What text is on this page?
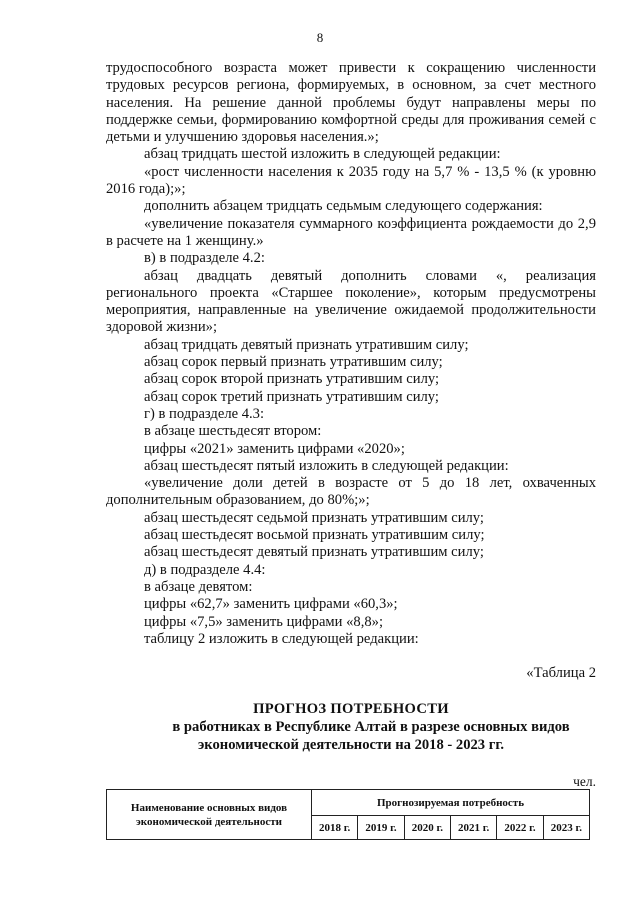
8

трудоспособного возраста может привести к сокращению численности трудовых ресурсов региона, формируемых, в основном, за счет местного населения. На решение данной проблемы будут направлены меры по поддержке семьи, формированию комфортной среды для проживания семей с детьми и улучшению здоровья населения.»;

абзац тридцать шестой изложить в следующей редакции:

«рост численности населения к 2035 году на 5,7 % - 13,5 % (к уровню 2016 года);»;

дополнить абзацем тридцать седьмым следующего содержания:

«увеличение показателя суммарного коэффициента рождаемости до 2,9 в расчете на 1 женщину.»

в) в подразделе 4.2:

абзац двадцать девятый дополнить словами «, реализация регионального проекта «Старшее поколение», которым предусмотрены мероприятия, направленные на увеличение ожидаемой продолжительности здоровой жизни»;

абзац тридцать девятый признать утратившим силу;

абзац сорок первый признать утратившим силу;

абзац сорок второй признать утратившим силу;

абзац сорок третий признать утратившим силу;

г) в подразделе 4.3:

в абзаце шестьдесят втором:

цифры «2021» заменить цифрами «2020»;

абзац шестьдесят пятый изложить в следующей редакции:

«увеличение доли детей в возрасте от 5 до 18 лет, охваченных дополнительным образованием, до 80%;»;

абзац шестьдесят седьмой признать утратившим силу;

абзац шестьдесят восьмой признать утратившим силу;

абзац шестьдесят девятый признать утратившим силу;

д) в подразделе 4.4:

в абзаце девятом:

цифры «62,7» заменить цифрами «60,3»;

цифры «7,5» заменить цифрами «8,8»;

таблицу 2 изложить в следующей редакции:

«Таблица 2
ПРОГНОЗ ПОТРЕБНОСТИ
в работниках в Республике Алтай в разрезе основных видов
экономической деятельности на 2018 - 2023 гг.
чел.
Наименование основных видов экономической деятельности	Прогнозируемая потребность					
	2018 г.	2019 г.	2020 г.	2021 г.	2022 г.	2023 г.
